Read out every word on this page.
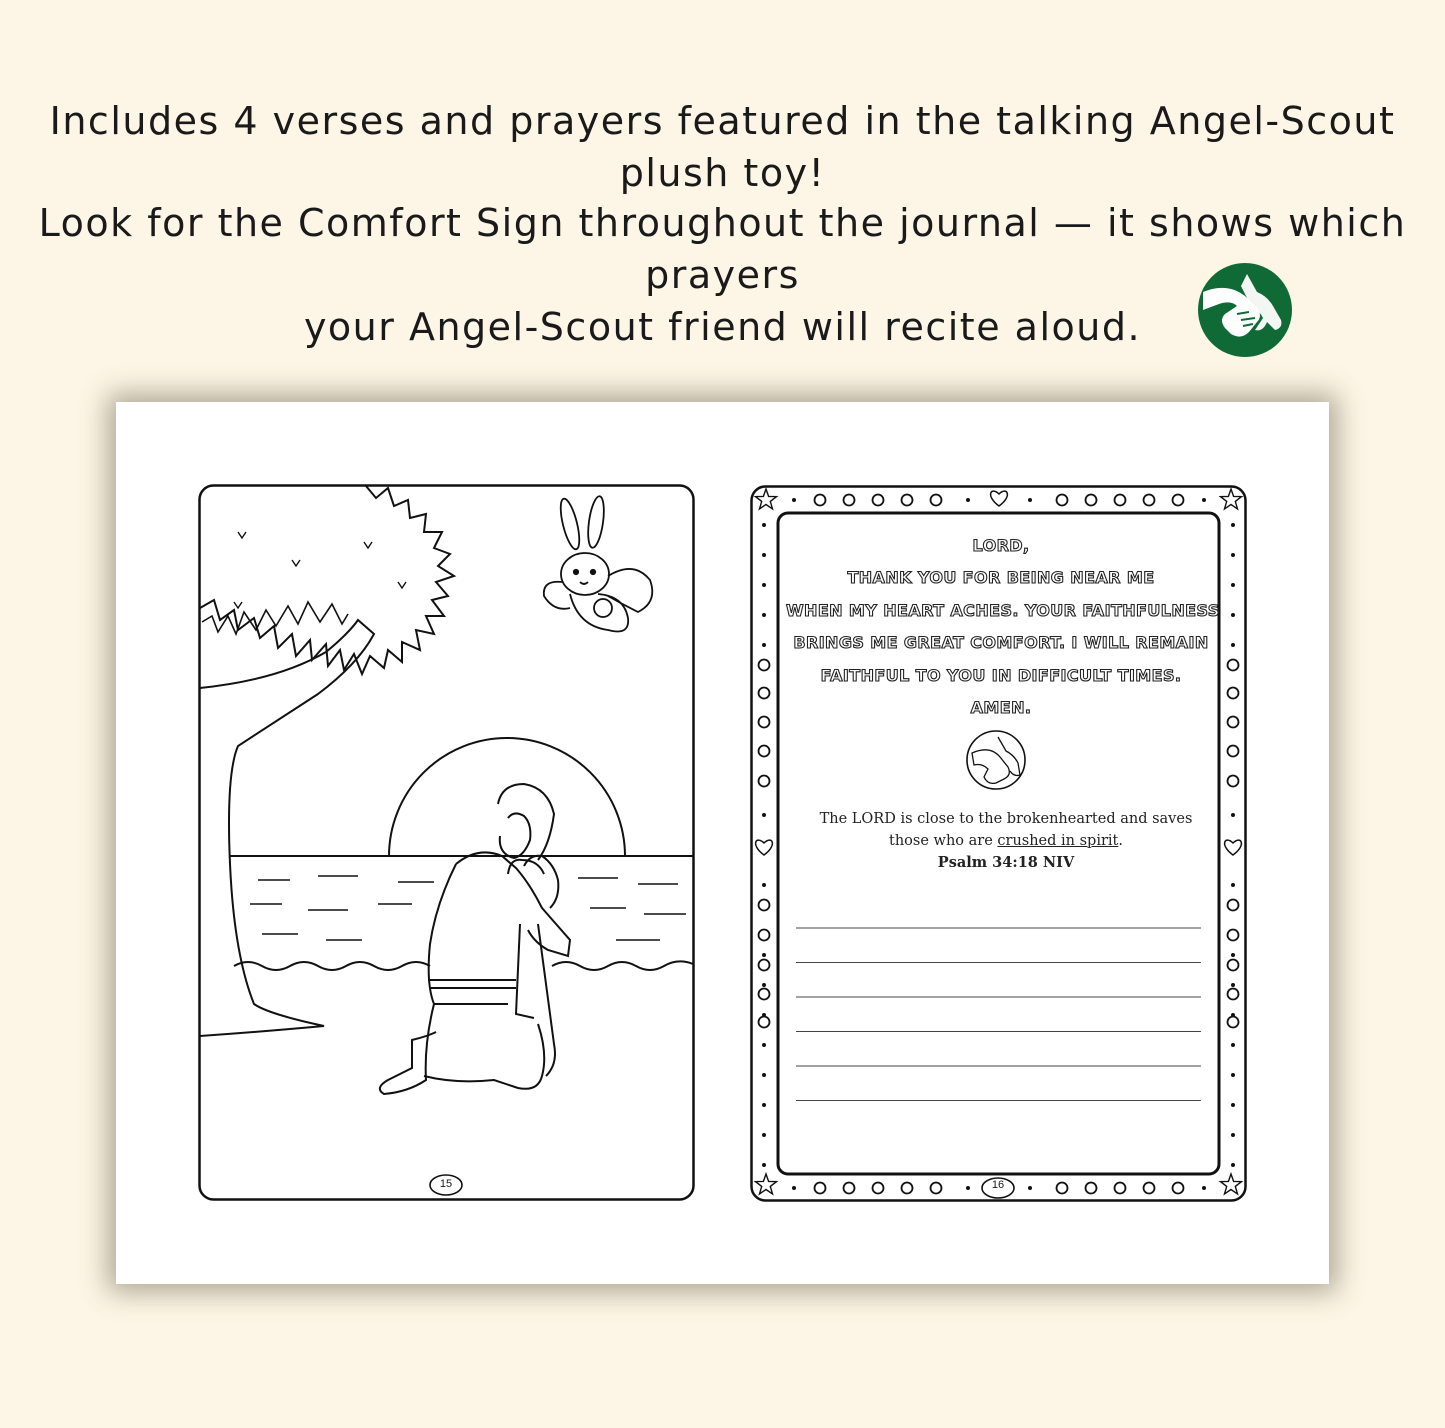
Includes 4 verses and prayers featured in the talking Angel-Scout plush toy!
Look for the Comfort Sign throughout the journal — it shows which prayers
your Angel-Scout friend will recite aloud.
15
LORD,
THANK YOU FOR BEING NEAR ME
WHEN MY HEART ACHES. YOUR FAITHFULNESS
BRINGS ME GREAT COMFORT. I WILL REMAIN
FAITHFUL TO YOU IN DIFFICULT TIMES.
AMEN.
The LORD is close to the brokenhearted and saves
those who are crushed in spirit.
Psalm 34:18 NIV
16
